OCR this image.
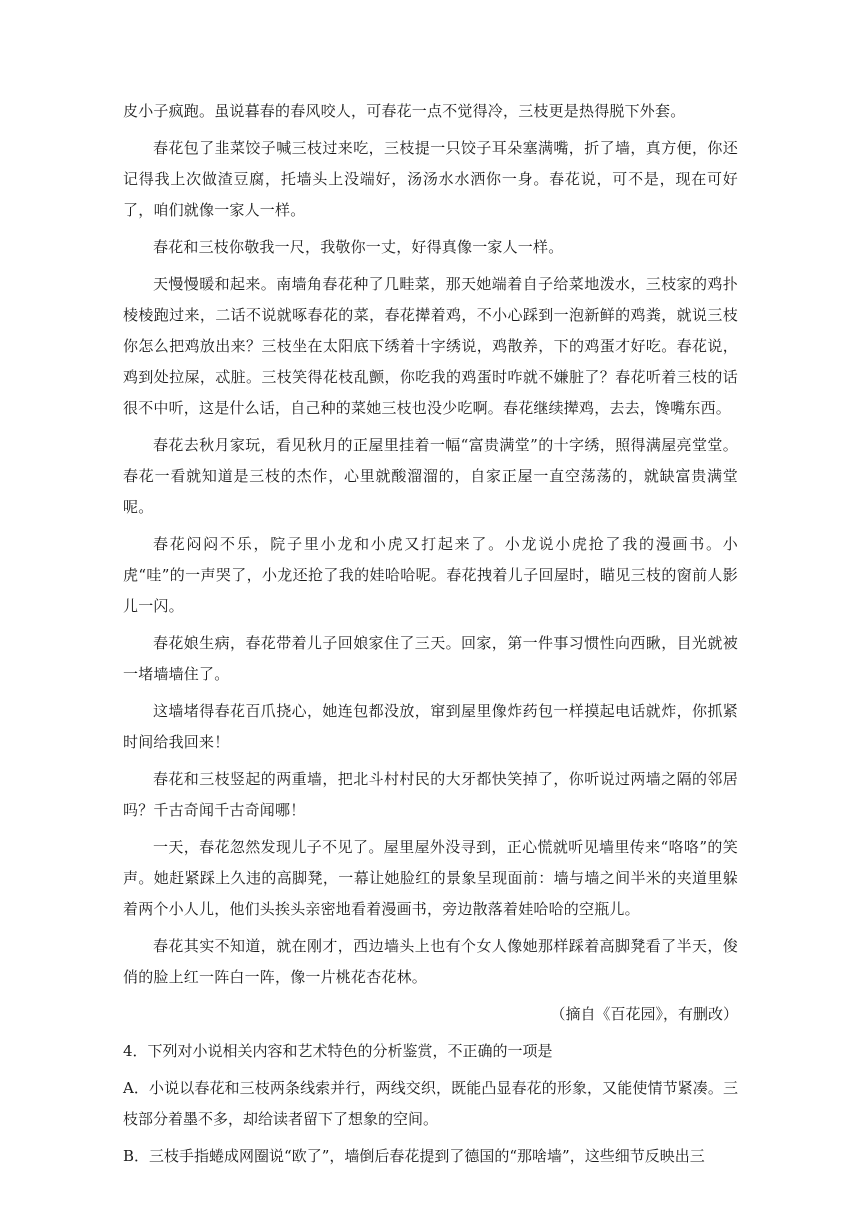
皮小子疯跑。虽说暮春的春风咬人，可春花一点不觉得冷，三枝更是热得脱下外套。

春花包了韭菜饺子喊三枝过来吃，三枝提一只饺子耳朵塞满嘴，折了墙，真方便，你还记得我上次做渣豆腐，托墙头上没端好，汤汤水水洒你一身。春花说，可不是，现在可好了，咱们就像一家人一样。

春花和三枝你敬我一尺，我敬你一丈，好得真像一家人一样。

天慢慢暖和起来。南墙角春花种了几畦菜，那天她端着自子给菜地泼水，三枝家的鸡扑棱棱跑过来，二话不说就啄春花的菜，春花撵着鸡，不小心踩到一泡新鲜的鸡粪，就说三枝你怎么把鸡放出来？三枝坐在太阳底下绣着十字绣说，鸡散养，下的鸡蛋才好吃。春花说，鸡到处拉屎，忒脏。三枝笑得花枝乱颤，你吃我的鸡蛋时咋就不嫌脏了？春花听着三枝的话很不中听，这是什么话，自己种的菜她三枝也没少吃啊。春花继续撵鸡，去去，馋嘴东西。

春花去秋月家玩，看见秋月的正屋里挂着一幅“富贵满堂”的十字绣，照得满屋亮堂堂。春花一看就知道是三枝的杰作，心里就酸溜溜的，自家正屋一直空荡荡的，就缺富贵满堂呢。

春花闷闷不乐，院子里小龙和小虎又打起来了。小龙说小虎抢了我的漫画书。小虎“哇”的一声哭了，小龙还抢了我的娃哈哈呢。春花拽着儿子回屋时，瞄见三枝的窗前人影儿一闪。

春花娘生病，春花带着儿子回娘家住了三天。回家，第一件事习惯性向西瞅，目光就被一堵墙墙住了。

这墙堵得春花百爪挠心，她连包都没放，窜到屋里像炸药包一样摸起电话就炸，你抓紧时间给我回来！

春花和三枝竖起的两重墙，把北斗村村民的大牙都快笑掉了，你听说过两墙之隔的邻居吗？千古奇闻千古奇闻哪！

一天，春花忽然发现儿子不见了。屋里屋外没寻到，正心慌就听见墙里传来“咯咯”的笑声。她赶紧踩上久违的高脚凳，一幕让她脸红的景象呈现面前：墙与墙之间半米的夹道里躲着两个小人儿，他们头挨头亲密地看着漫画书，旁边散落着娃哈哈的空瓶儿。

春花其实不知道，就在刚才，西边墙头上也有个女人像她那样踩着高脚凳看了半天，俊俏的脸上红一阵白一阵，像一片桃花杏花林。

（摘自《百花园》，有删改）

4．下列对小说相关内容和艺术特色的分析鉴赏，不正确的一项是

A．小说以春花和三枝两条线索并行，两线交织，既能凸显春花的形象，又能使情节紧凑。三枝部分着墨不多，却给读者留下了想象的空间。

B．三枝手指蜷成网圈说“欧了”，墙倒后春花提到了德国的“那啥墙”，这些细节反映出三
